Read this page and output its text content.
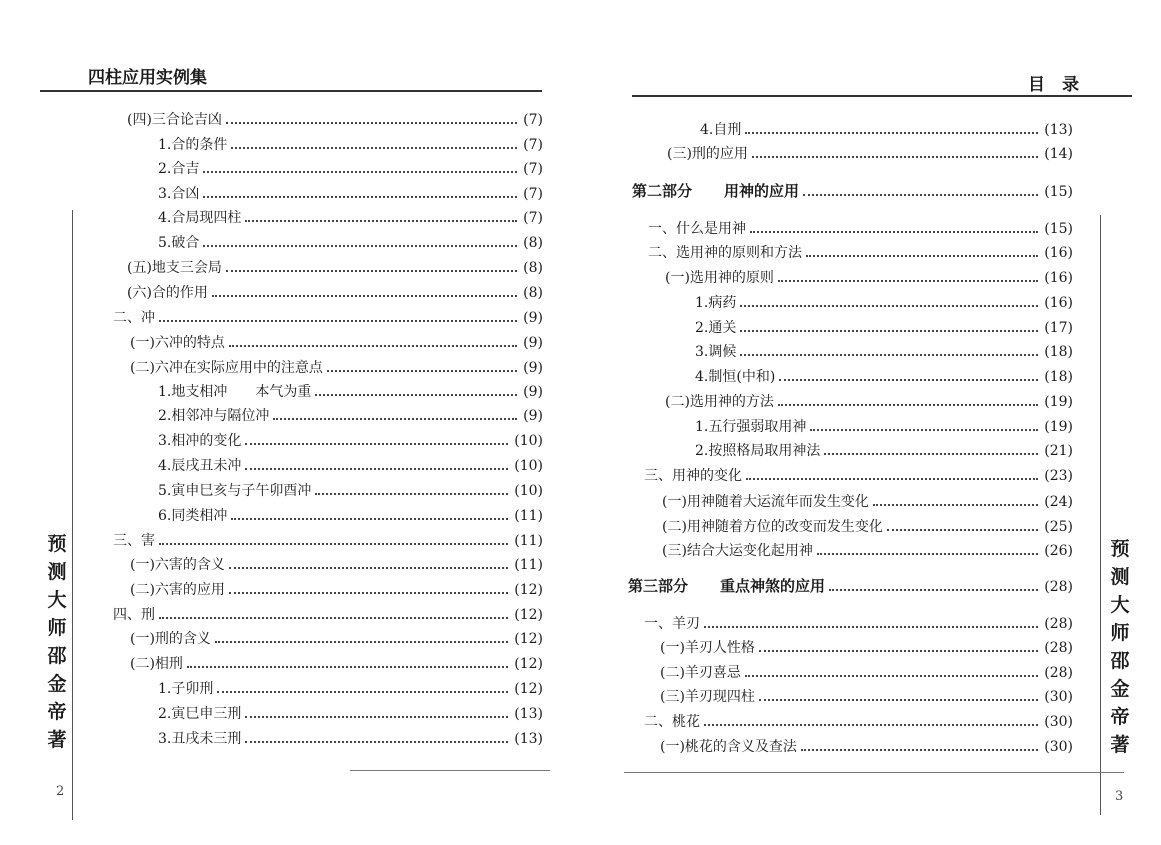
四柱应用实例集
预测大师邵金帝著
2
(四)三合论吉凶	(7)
1.合的条件	(7)
2.合吉	(7)
3.合凶	(7)
4.合局现四柱	(7)
5.破合	(8)
(五)地支三会局	(8)
(六)合的作用	(8)
二、冲	(9)
(一)六冲的特点	(9)
(二)六冲在实际应用中的注意点	(9)
1.地支相冲　　本气为重	(9)
2.相邻冲与隔位冲	(9)
3.相冲的变化	(10)
4.辰戌丑未冲	(10)
5.寅申巳亥与子午卯酉冲	(10)
6.同类相冲	(11)
三、害	(11)
(一)六害的含义	(11)
(二)六害的应用	(12)
四、刑	(12)
(一)刑的含义	(12)
(二)相刑	(12)
1.子卯刑	(12)
2.寅巳申三刑	(13)
3.丑戌未三刑	(13)
目　录
预测大师邵金帝著
3
4.自刑	(13)
(三)刑的应用	(14)
第二部分 用神的应用	(15)
一、什么是用神	(15)
二、选用神的原则和方法	(16)
(一)选用神的原则	(16)
1.病药	(16)
2.通关	(17)
3.调候	(18)
4.制恒(中和)	(18)
(二)选用神的方法	(19)
1.五行强弱取用神	(19)
2.按照格局取用神法	(21)
三、用神的变化	(23)
(一)用神随着大运流年而发生变化	(24)
(二)用神随着方位的改变而发生变化	(25)
(三)结合大运变化起用神	(26)
第三部分 重点神煞的应用	(28)
一、羊刃	(28)
(一)羊刃人性格	(28)
(二)羊刃喜忌	(28)
(三)羊刃现四柱	(30)
二、桃花	(30)
(一)桃花的含义及查法	(30)
